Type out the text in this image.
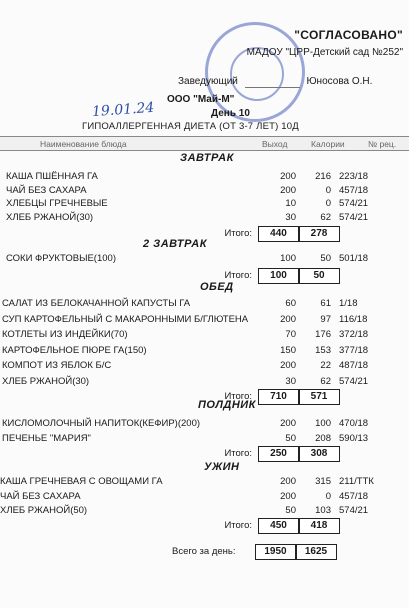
"СОГЛАСОВАНО"
МАДОУ "ЦРР-Детский сад №252"
Заведующий	Юносова О.Н.
19.01.24
ООО "Май-М"
День 10
ГИПОАЛЛЕРГЕННАЯ ДИЕТА (ОТ 3-7 ЛЕТ) 10Д
Наименование блюда	Выход	Калории	№ рец.
ЗАВТРАК
КАША ПШЁННАЯ ГА	200	216 223/18
ЧАЙ БЕЗ САХАРА	200	0 457/18
ХЛЕБЦЫ ГРЕЧНЕВЫЕ	10	0 574/21
ХЛЕБ РЖАНОЙ(30)	30	62 574/21
Итого:	440	278
2 ЗАВТРАК
СОКИ ФРУКТОВЫЕ(100)	100	50 501/18
Итого:	100	50
ОБЕД
САЛАТ ИЗ БЕЛОКАЧАННОЙ КАПУСТЫ ГА	60	61 1/18
СУП КАРТОФЕЛЬНЫЙ С МАКАРОННЫМИ Б/ГЛЮТЕНА	200	97 116/18
КОТЛЕТЫ ИЗ ИНДЕЙКИ(70)	70	176 372/18
КАРТОФЕЛЬНОЕ ПЮРЕ ГА(150)	150	153 377/18
КОМПОТ ИЗ ЯБЛОК Б/С	200	22 487/18
ХЛЕБ РЖАНОЙ(30)	30	62 574/21
Итого:	710	571
ПОЛДНИК
КИСЛОМОЛОЧНЫЙ НАПИТОК(КЕФИР)(200)	200	100 470/18
ПЕЧЕНЬЕ "МАРИЯ"	50	208 590/13
Итого:	250	308
УЖИН
КАША ГРЕЧНЕВАЯ С ОВОЩАМИ ГА	200	315 211/ТТК
ЧАЙ БЕЗ САХАРА	200	0 457/18
ХЛЕБ РЖАНОЙ(50)	50	103 574/21
Итого:	450	418
Всего за день:	1950	1625
